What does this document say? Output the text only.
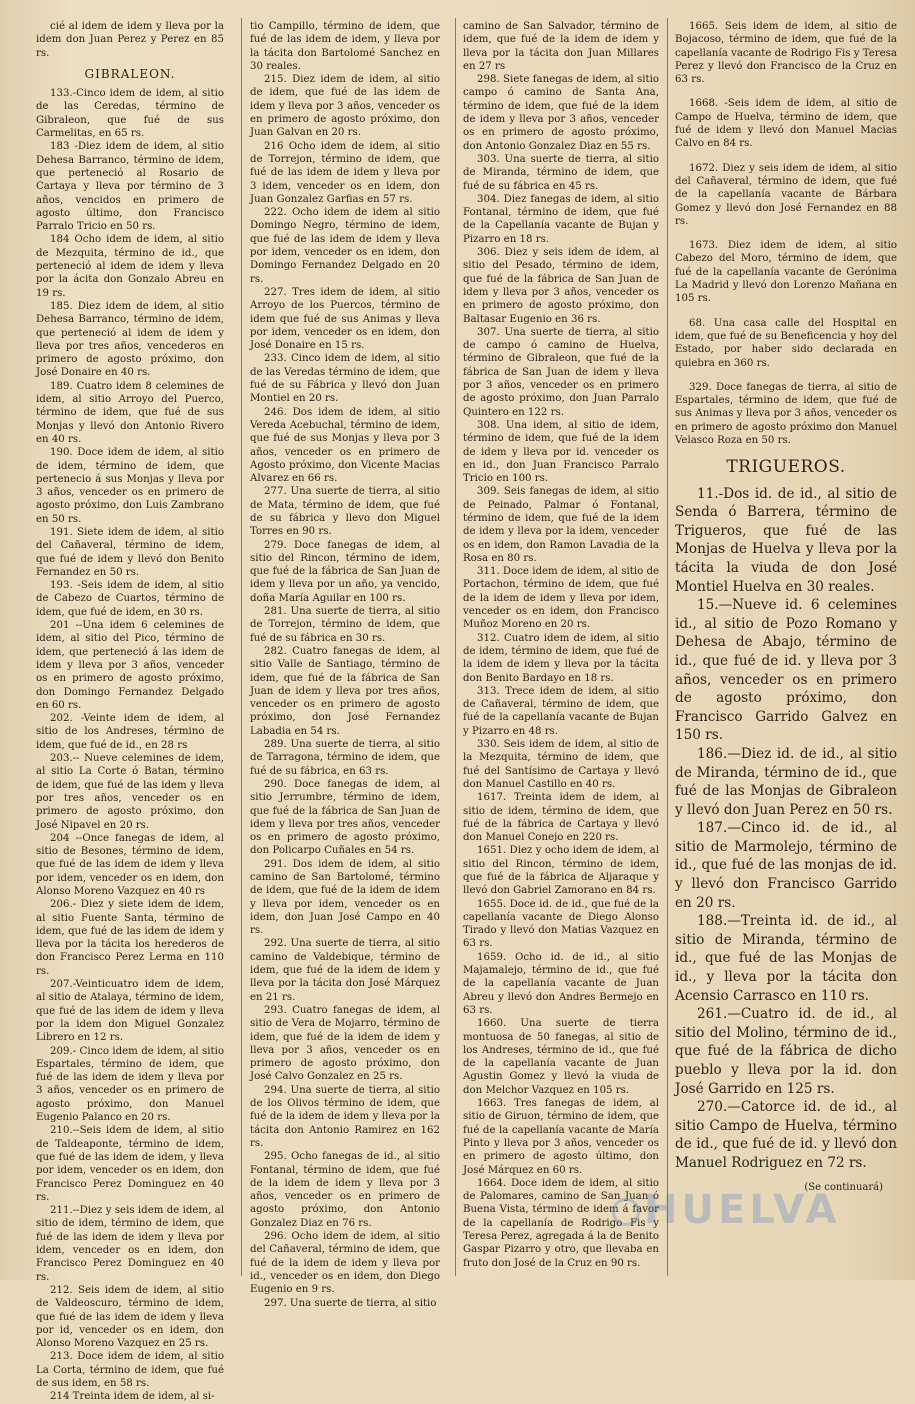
cié al idem de idem y lleva por la idem don Juan Perez y Perez en 85 rs.

GIBRALEON.

133.-Cinco idem de idem, al sitio de las Ceredas, término de Gibraleon, que fué de sus Carmelitas, en 65 rs.

183 -Diez idem de idem, al sitio Dehesa Barranco, término de idem, que perteneció al Rosario de Cartaya y lleva por término de 3 años, vencidos en primero de agosto último, don Francisco Parralo Tricio en 50 rs.

184 Ocho idem de idem, al sitio de Mezquita, término de id., que perteneció al idem de idem y lleva por la ácita don Gonzalo Abreu en 19 rs.

185. Diez idem de idem, al sitio Dehesa Barranco, término de idem, que perteneció al idem de idem y lleva por tres años, vencederos en primero de agosto próximo, don José Donaire en 40 rs.

189. Cuatro idem 8 celemines de idem, al sitio Arroyo del Puerco, término de idem, que fué de sus Monjas y llevó don Antonio Rivero en 40 rs.

190. Doce idem de idem, al sitio de idem, término de idem, que pertenecio á sus Monjas y lleva por 3 años, venceder os en primero de agosto próximo, don Luis Zambrano en 50 rs.

191. Siete idem de idem, al sitio del Cañaveral, término de idem, que fué de idem y llevó don Benito Fernandez en 50 rs.

193. -Seis idem de idem, al sitio de Cabezo de Cuartos, término de idem, que fué de idem, en 30 rs.

201 --Una idem 6 celemines de idem, al sitio del Pico, término de idem, que perteneció á las idem de idem y lleva por 3 años, venceder os en primero de agosto próximo, don Domingo Fernandez Delgado en 60 rs.

202. -Veinte idem de idem, al sitio de los Andreses, término de idem, que fué de id., en 28 rs

203.-- Nueve celemines de idem, al sitio La Corte ó Batan, término de idem, que fué de las idem y lleva por tres años, venceder os en primero de agosto próximo, don José Nipavel en 20 rs.

204 --Once fanegas de idem, al sitio de Besones, término de idem, que fué de las idem de idem y lleva por idem, venceder os en idem, don Alonso Moreno Vazquez en 40 rs

206.- Diez y siete idem de idem, al sitio Fuente Santa, término de idem, que fué de las idem de idem y lleva por la tácita los herederos de don Francisco Perez Lerma en 110 rs.

207.-Veinticuatro idem de idem, al sitio de Atalaya, término de idem, que fué de las idem de idem y lleva por la idem don Miguel Gonzalez Librero en 12 rs.

209.- Cinco idem de idem, al sitio Espartales, término de idem, que fué de las idem de idem y lleva por 3 años, venceder os en primero de agosto próximo, don Manuel Eugenio Palanco en 20 rs.

210.--Seis idem de idem, al sitio de Taldeaponte, término de idem, que fué de las idem de idem, y lleva por idem, venceder os en idem, don Francisco Perez Dominguez en 40 rs.

211.--Diez y seis idem de idem, al sitio de idem, término de idem, que fué de las idem de idem y lleva por idem, venceder os en idem, don Francisco Perez Dominguez en 40 rs.

212. Seis idem de idem, al sitio de Valdeoscuro, término de idem, que fué de las idem de idem y lleva por id, venceder os en idem, don Alonso Moreno Vazquez en 25 rs.

213. Doce idem de idem, al sitio La Corta, término de idem, que fué de sus idem, en 58 rs.

214 Treinta idem de idem, al si-

tio Campillo, término de idem, que fué de las idem de idem, y lleva por la tácita don Bartolomé Sanchez en 30 reales.

215. Diez idem de idem, al sitio de idem, que fué de las idem de idem y lleva por 3 años, venceder os en primero de agosto próximo, don Juan Galvan en 20 rs.

216 Ocho idem de idem, al sitio de Torrejon, término de idem, que fué de las idem de idem y lleva por 3 idem, venceder os en idem, don Juan Gonzalez Garfias en 57 rs.

222. Ocho idem de idem al sitio Domingo Negro, término de idem, que fué de las idem de idem y lleva por idem, venceder os en idem, don Domingo Fernandez Delgado en 20 rs.

227. Tres idem de idem, al sitio Arroyo de los Puercos, término de idem que fué de sus Animas y lleva por idem, venceder os en idem, don José Donaire en 15 rs.

233. Cinco idem de idem, al sitio de las Veredas término de idem, que fué de su Fábrica y llevó don Juan Montiel en 20 rs.

246. Dos idem de idem, al sitio Vereda Acebuchal, término de idem, que fué de sus Monjas y lleva por 3 años, venceder os en primero de Agosto próximo, don Vicente Macias Alvarez en 66 rs.

277. Una suerte de tierra, al sitio de Mata, término de idem, que fué de su fábrica y llevo don Miguel Torres en 90 rs.

279. Doce fanegas de idem, al sitio del Rincon, término de idem, que fué de la fábrica de San Juan de idem y lleva por un año, ya vencido, doña María Aguilar en 100 rs.

281. Una suerte de tierra, al sitio de Torrejon, término de idem, que fué de su fábrica en 30 rs.

282. Cuatro fanegas de idem, al sitio Valle de Santiago, término de idem, que fué de la fábrica de San Juan de idem y lleva por tres años, venceder os en primero de agosto próximo, don José Fernandez Labadia en 54 rs.

289. Una suerte de tierra, al sitio de Tarragona, término de idem, que fué de su fábrica, en 63 rs.

290. Doce fanegas de idem, al sitio Jerrumbre, término de idem, que fué de la fábrica de San Juan de idem y lleva por tres años, venceder os en primero de agosto próximo, don Policarpo Cuñales en 54 rs.

291. Dos idem de idem, al sitio camino de San Bartolomé, término de idem, que fué de la idem de idem y lleva por idem, venceder os en idem, don Juan José Campo en 40 rs.

292. Una suerte de tierra, al sitio camino de Valdebique, término de idem, que fué de la idem de idem y lleva por la tácita don José Márquez en 21 rs.

293. Cuatro fanegas de idem, al sitio de Vera de Mojarro, término de idem, que fué de la idem de idem y lleva por 3 años, venceder os en primero de agosto próximo, don José Calvo Gonzalez en 25 rs.

294. Una suerte de tierra, al sitio de los Olivos término de idem, que fué de la idem de idem y lleva por la tácita don Antonio Ramirez en 162 rs.

295. Ocho fanegas de id., al sitio Fontanal, término de idem, que fué de la idem de idem y lleva por 3 años, venceder os en primero de agosto próximo, don Antonio Gonzalez Diaz en 76 rs.

296. Ocho idem de idem, al sitio del Cañaveral, término de idem, que fué de la idem de idem y lleva por id., venceder os en idem, don Diego Eugenio en 9 rs.

297. Una suerte de tierra, al sitio

camino de San Salvador, término de idem, que fué de la idem de idem y lleva por la tácita don Juan Millares en 27 rs

298. Siete fanegas de idem, al sitio campo ó camino de Santa Ana, término de idem, que fué de la idem de idem y lleva por 3 años, venceder os en primero de agosto próximo, don Antonio Gonzalez Diaz en 55 rs.

303. Una suerte de tierra, al sitio de Miranda, término de idem, que fué de su fábrica en 45 rs.

304. Diez fanegas de idem, al sitio Fontanal, término de idem, que fué de la Capellanía vacante de Bujan y Pizarro en 18 rs.

306. Diez y seis idem de idem, al sitio del Pesado, término de idem, que fué de la fábrica de San Juan de idem y lleva por 3 años, venceder os en primero de agosto próximo, don Baltasar Eugenio en 36 rs.

307. Una suerte de tierra, al sitio de campo ó camino de Huelva, término de Gibraleon, que fué de la fábrica de San Juan de idem y lleva por 3 años, venceder os en primero de agosto próximo, don Juan Parralo Quintero en 122 rs.

308. Una idem, al sitio de idem, término de idem, que fué de la idem de idem y lleva por id. venceder os en id., don Juan Francisco Parralo Tricio en 100 rs.

309. Seis fanegas de idem, al sitio de Peinado, Palmar ó Fontanal, término de idem, que fué de la idem de idem y lleva por la idem, venceder os en idem, don Ramon Lavadia de la Rosa en 80 rs.

311. Doce idem de idem, al sitio de Portachon, término de idem, que fué de la idem de idem y lleva por idem, venceder os en idem, don Francisco Muñoz Moreno en 20 rs.

312. Cuatro idem de idem, al sitio de idem, término de idem, que fué de la idem de idem y lleva por la tácita don Benito Bardayo en 18 rs.

313. Trece idem de idem, al sitio de Cañaveral, término de idem, que fué de la capellanía vacante de Bujan y Pizarro en 48 rs.

330. Seis idem de idem, al sitio de la Mezquita, término de idem, que fué del Santísimo de Cartaya y llevó don Manuel Castillo en 40 rs.

1617. Treinta idem de idem, al sitio de idem, término de idem, que fué de la fábrica de Cartaya y llevó don Manuel Conejo en 220 rs.

1651. Diez y ocho idem de idem, al sitio del Rincon, término de idem, que fué de la fábrica de Aljaraque y llevó don Gabriel Zamorano en 84 rs.

1655. Doce id. de id., que fué de la capellanía vacante de Diego Alonso Tirado y llevó don Matias Vazquez en 63 rs.

1659. Ocho id. de id., al sitio Majamalejo, término de id., que fué de la capellanía vacante de Juan Abreu y llevó don Andres Bermejo en 63 rs.

1660. Una suerte de tierra montuosa de 50 fanegas, al sitio de los Andreses, término de id., que fué de la capellanía vacante de Juan Agustin Gomez y llevó la viuda de don Melchor Vazquez en 105 rs.

1663. Tres fanegas de idem, al sitio de Giruon, término de idem, que fué de la capellanía vacante de María Pinto y lleva por 3 años, venceder os en primero de agosto último, don José Márquez en 60 rs.

1664. Doce idem de idem, al sitio de Palomares, camino de San Juan ó Buena Vista, término de idem á favor de la capellanía de Rodrigo Fis y Teresa Perez, agregada á la de Benito Gaspar Pizarro y otro, que llevaba en fruto don José de la Cruz en 90 rs.

1665. Seis idem de idem, al sitio de Bojacoso, término de idem, que fué de la capellanía vacante de Rodrigo Fis y Teresa Perez y llevó don Francisco de la Cruz en 63 rs.

1668. -Seis idem de idem, al sitio de Campo de Huelva, término de idem, que fué de idem y llevó don Manuel Macias Calvo en 84 rs.

1672. Diez y seis idem de idem, al sitio del Cañaveral, término de idem, que fué de la capellanía vacante de Bárbara Gomez y llevó don José Fernandez en 88 rs.

1673. Diez idem de idem, al sitio Cabezo del Moro, término de idem, que fué de la capellanía vacante de Gerónima La Madrid y llevó don Lorenzo Mañana en 105 rs.

68. Una casa calle del Hospital en idem, que fué de su Beneficencia y hoy del Estado, por haber sido declarada en quiebra en 360 rs.

329. Doce fanegas de tierra, al sitio de Espartales, término de idem, que fué de sus Animas y lleva por 3 años, venceder os en primero de agosto próximo don Manuel Velasco Roza en 50 rs.

TRIGUEROS.

11.-Dos id. de id., al sitio de Senda ó Barrera, término de Trigueros, que fué de las Monjas de Huelva y lleva por la tácita la viuda de don José Montiel Huelva en 30 reales.

15.—Nueve id. 6 celemines id., al sitio de Pozo Romano y Dehesa de Abajo, término de id., que fué de id. y lleva por 3 años, venceder os en primero de agosto próximo, don Francisco Garrido Galvez en 150 rs.

186.—Diez id. de id., al sitio de Miranda, término de id., que fué de las Monjas de Gibraleon y llevó don Juan Perez en 50 rs.

187.—Cinco id. de id., al sitio de Marmolejo, término de id., que fué de las monjas de id. y llevó don Francisco Garrido en 20 rs.

188.—Treinta id. de id., al sitio de Miranda, término de id., que fué de las Monjas de id., y lleva por la tácita don Acensio Carrasco en 110 rs.

261.—Cuatro id. de id., al sitio del Molino, término de id., que fué de la fábrica de dicho pueblo y lleva por la id. don José Garrido en 125 rs.

270.—Catorce id. de id., al sitio Campo de Huelva, término de id., que fué de id. y llevó don Manuel Rodriguez en 72 rs.

(Se continuará)
HUELVA
